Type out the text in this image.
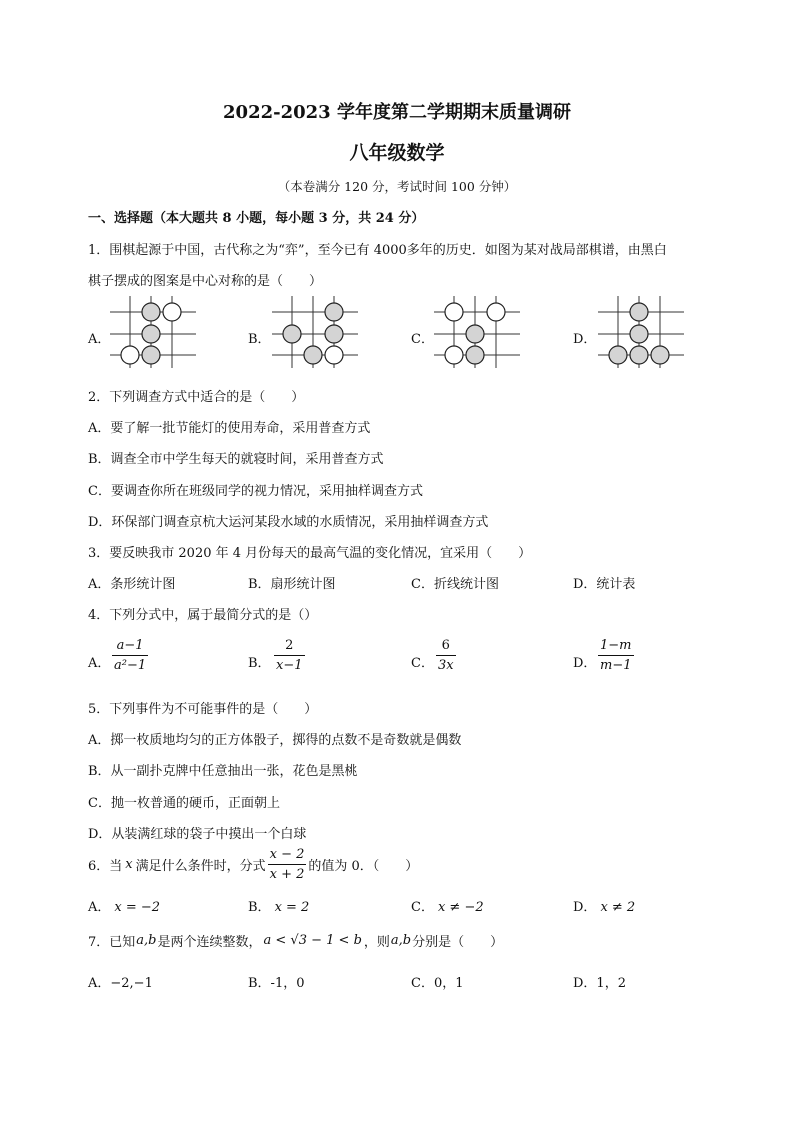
2022-2023 学年度第二学期期末质量调研
八年级数学
（本卷满分 120 分，考试时间 100 分钟）
一、选择题（本大题共 8 小题，每小题 3 分，共 24 分）
1．围棋起源于中国，古代称之为“弈”，至今已有 4000多年的历史．如图为某对战局部棋谱，由黑白
棋子摆成的图案是中心对称的是（　　）
A．	B．	C．	D．
2．下列调查方式中适合的是（　　）
A．要了解一批节能灯的使用寿命，采用普查方式
B．调查全市中学生每天的就寝时间，采用普查方式
C．要调查你所在班级同学的视力情况，采用抽样调查方式
D．环保部门调查京杭大运河某段水域的水质情况，采用抽样调查方式
3．要反映我市 2020 年 4 月份每天的最高气温的变化情况，宜采用（　　）
A．条形统计图	B．扇形统计图	C．折线统计图	D．统计表
4．下列分式中，属于最简分式的是（）
A． $\frac{a-1}{\text{a²−1}}$	B． $\frac{2}{x-1}$	C． $\frac{6}{3x}$	D． $\frac{1-m}{m-1}$
5．下列事件为不可能事件的是（　　）
A．掷一枚质地均匀的正方体骰子，掷得的点数不是奇数就是偶数
B．从一副扑克牌中任意抽出一张，花色是黑桃
C．抛一枚普通的硬币，正面朝上
D．从装满红球的袋子中摸出一个白球
6．当 x 满足什么条件时，分式 $\frac{x - 2}{x + 2}$ 的值为 0．（　　）
A． x = −2	B． x = 2	C． x ≠ −2	D． x ≠ 2
7．已知 a,b 是两个连续整数， a < √3 − 1 < b ，则 a,b 分别是（　　）
A．−2,−1	B．-1，0	C．0，1	D．1，2
